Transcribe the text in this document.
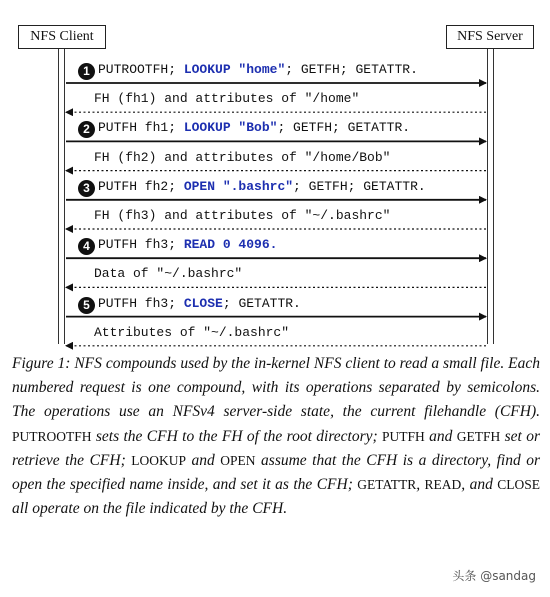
NFS Client	NFS Server
1 PUTROOTFH; LOOKUP "home"; GETFH; GETATTR.
FH (fh1) and attributes of "/home"
2 PUTFH fh1; LOOKUP "Bob"; GETFH; GETATTR.
FH (fh2) and attributes of "/home/Bob"
3 PUTFH fh2; OPEN ".bashrc"; GETFH; GETATTR.
FH (fh3) and attributes of "~/.bashrc"
4 PUTFH fh3; READ 0 4096.
Data of "~/.bashrc"
5 PUTFH fh3; CLOSE; GETATTR.
Attributes of "~/.bashrc"

Figure 1: NFS compounds used by the in-kernel NFS client to read a small file. Each numbered request is one compound, with its operations separated by semicolons. The operations use an NFSv4 server-side state, the current filehandle (CFH). PUTROOTFH sets the CFH to the FH of the root directory; PUTFH and GETFH set or retrieve the CFH; LOOKUP and OPEN assume that the CFH is a directory, find or open the specified name inside, and set it as the CFH; GETATTR, READ, and CLOSE all operate on the file indicated by the CFH.

头条 @sandag
